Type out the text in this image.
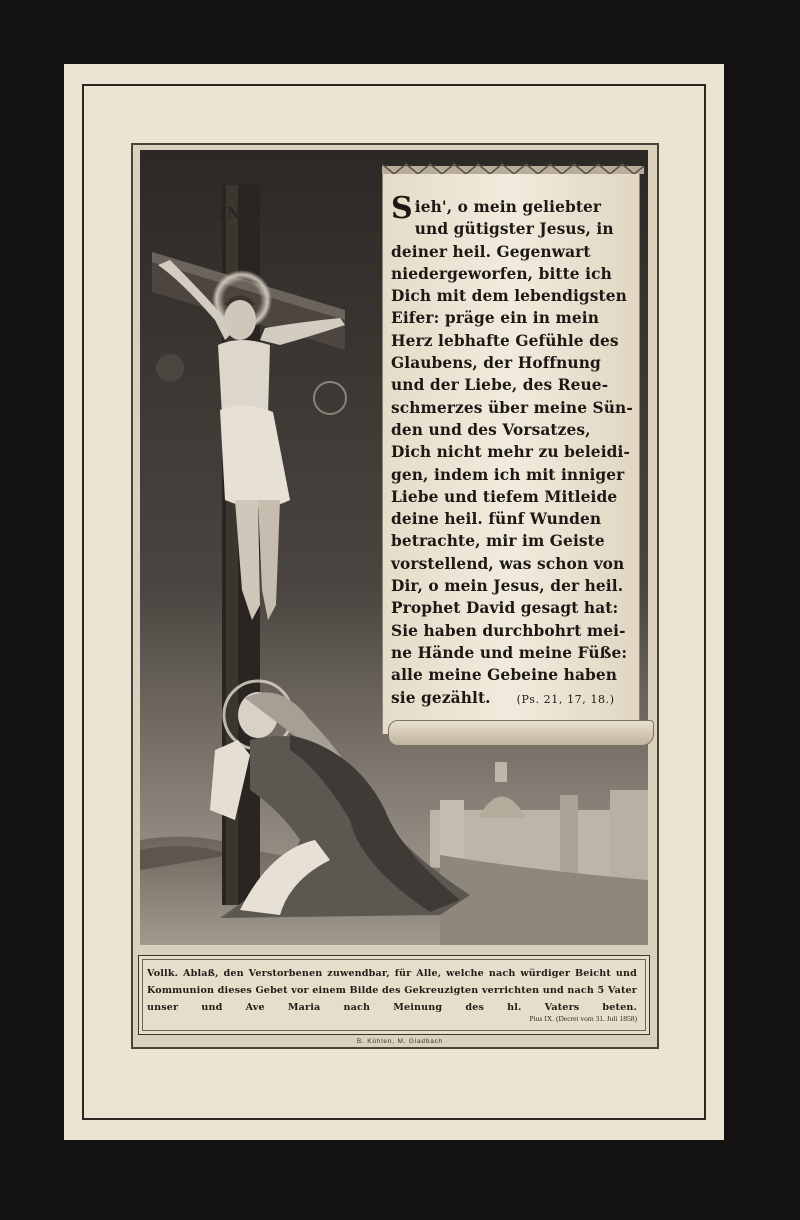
INRI	S ieh', o mein geliebter
und gütigster Jesus, in
deiner heil. Gegenwart
niedergeworfen, bitte ich
Dich mit dem lebendigsten
Eifer: präge ein in mein
Herz lebhafte Gefühle des
Glaubens, der Hoffnung
und der Liebe, des Reue-
schmerzes über meine Sün-
den und des Vorsatzes,
Dich nicht mehr zu beleidi-
gen, indem ich mit inniger
Liebe und tiefem Mitleide
deine heil. fünf Wunden
betrachte, mir im Geiste
vorstellend, was schon von
Dir, o mein Jesus, der heil.
Prophet David gesagt hat:
Sie haben durchbohrt mei-
ne Hände und meine Füße:
alle meine Gebeine haben
sie gezählt. (Ps. 21, 17, 18.)
Vollk. Ablaß, den Verstorbenen zuwendbar, für Alle, welche nach würdiger Beicht und Kommunion dieses Gebet vor einem Bilde des Gekreuzigten verrichten und nach 5 Vater unser und Ave Maria nach Meinung des hl. Vaters beten.
Pius IX. (Decret vom 31. Juli 1858)
B. Kühlen, M. Gladbach
